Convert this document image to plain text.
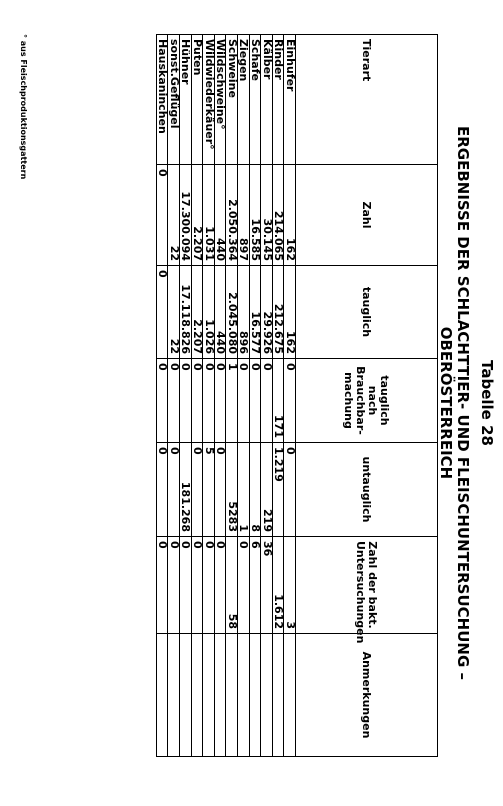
Tabelle 28
ERGEBNISSE DER SCHLACHTTIER- UND FLEISCHUNTERSUCHUNG –
OBERÖSTERREICH
Tierart	Zahl	tauglich	tauglich
nach
Brauchbar-
machung	untauglich	Zahl der bakt.
Untersuchungen	Anmerkungen
Einhufer	162	162	0	0	3	
Rinder	214.065	212.675	171	1.219	1.612	
Kälber	30.145	29.926	0	219	36	
Schafe	16.585	16.577	0	8	6	
Ziegen	897	896	0	1	0	
Schweine	2.050.364	2.045.080	1	5283	58	
Wildschweine°	440	440	0	0	0	
Wildwiederkäuer°	1.031	1.026	0	5	0	
Puten	2.207	2.207	0	0	0	
Hühner	17.300.094	17.118.826	0	181.268	0	
sonst.Geflügel	22	22	0	0	0	
Hauskaninchen	0	0	0	0	0	
° aus Fleischproduktionsgattern
